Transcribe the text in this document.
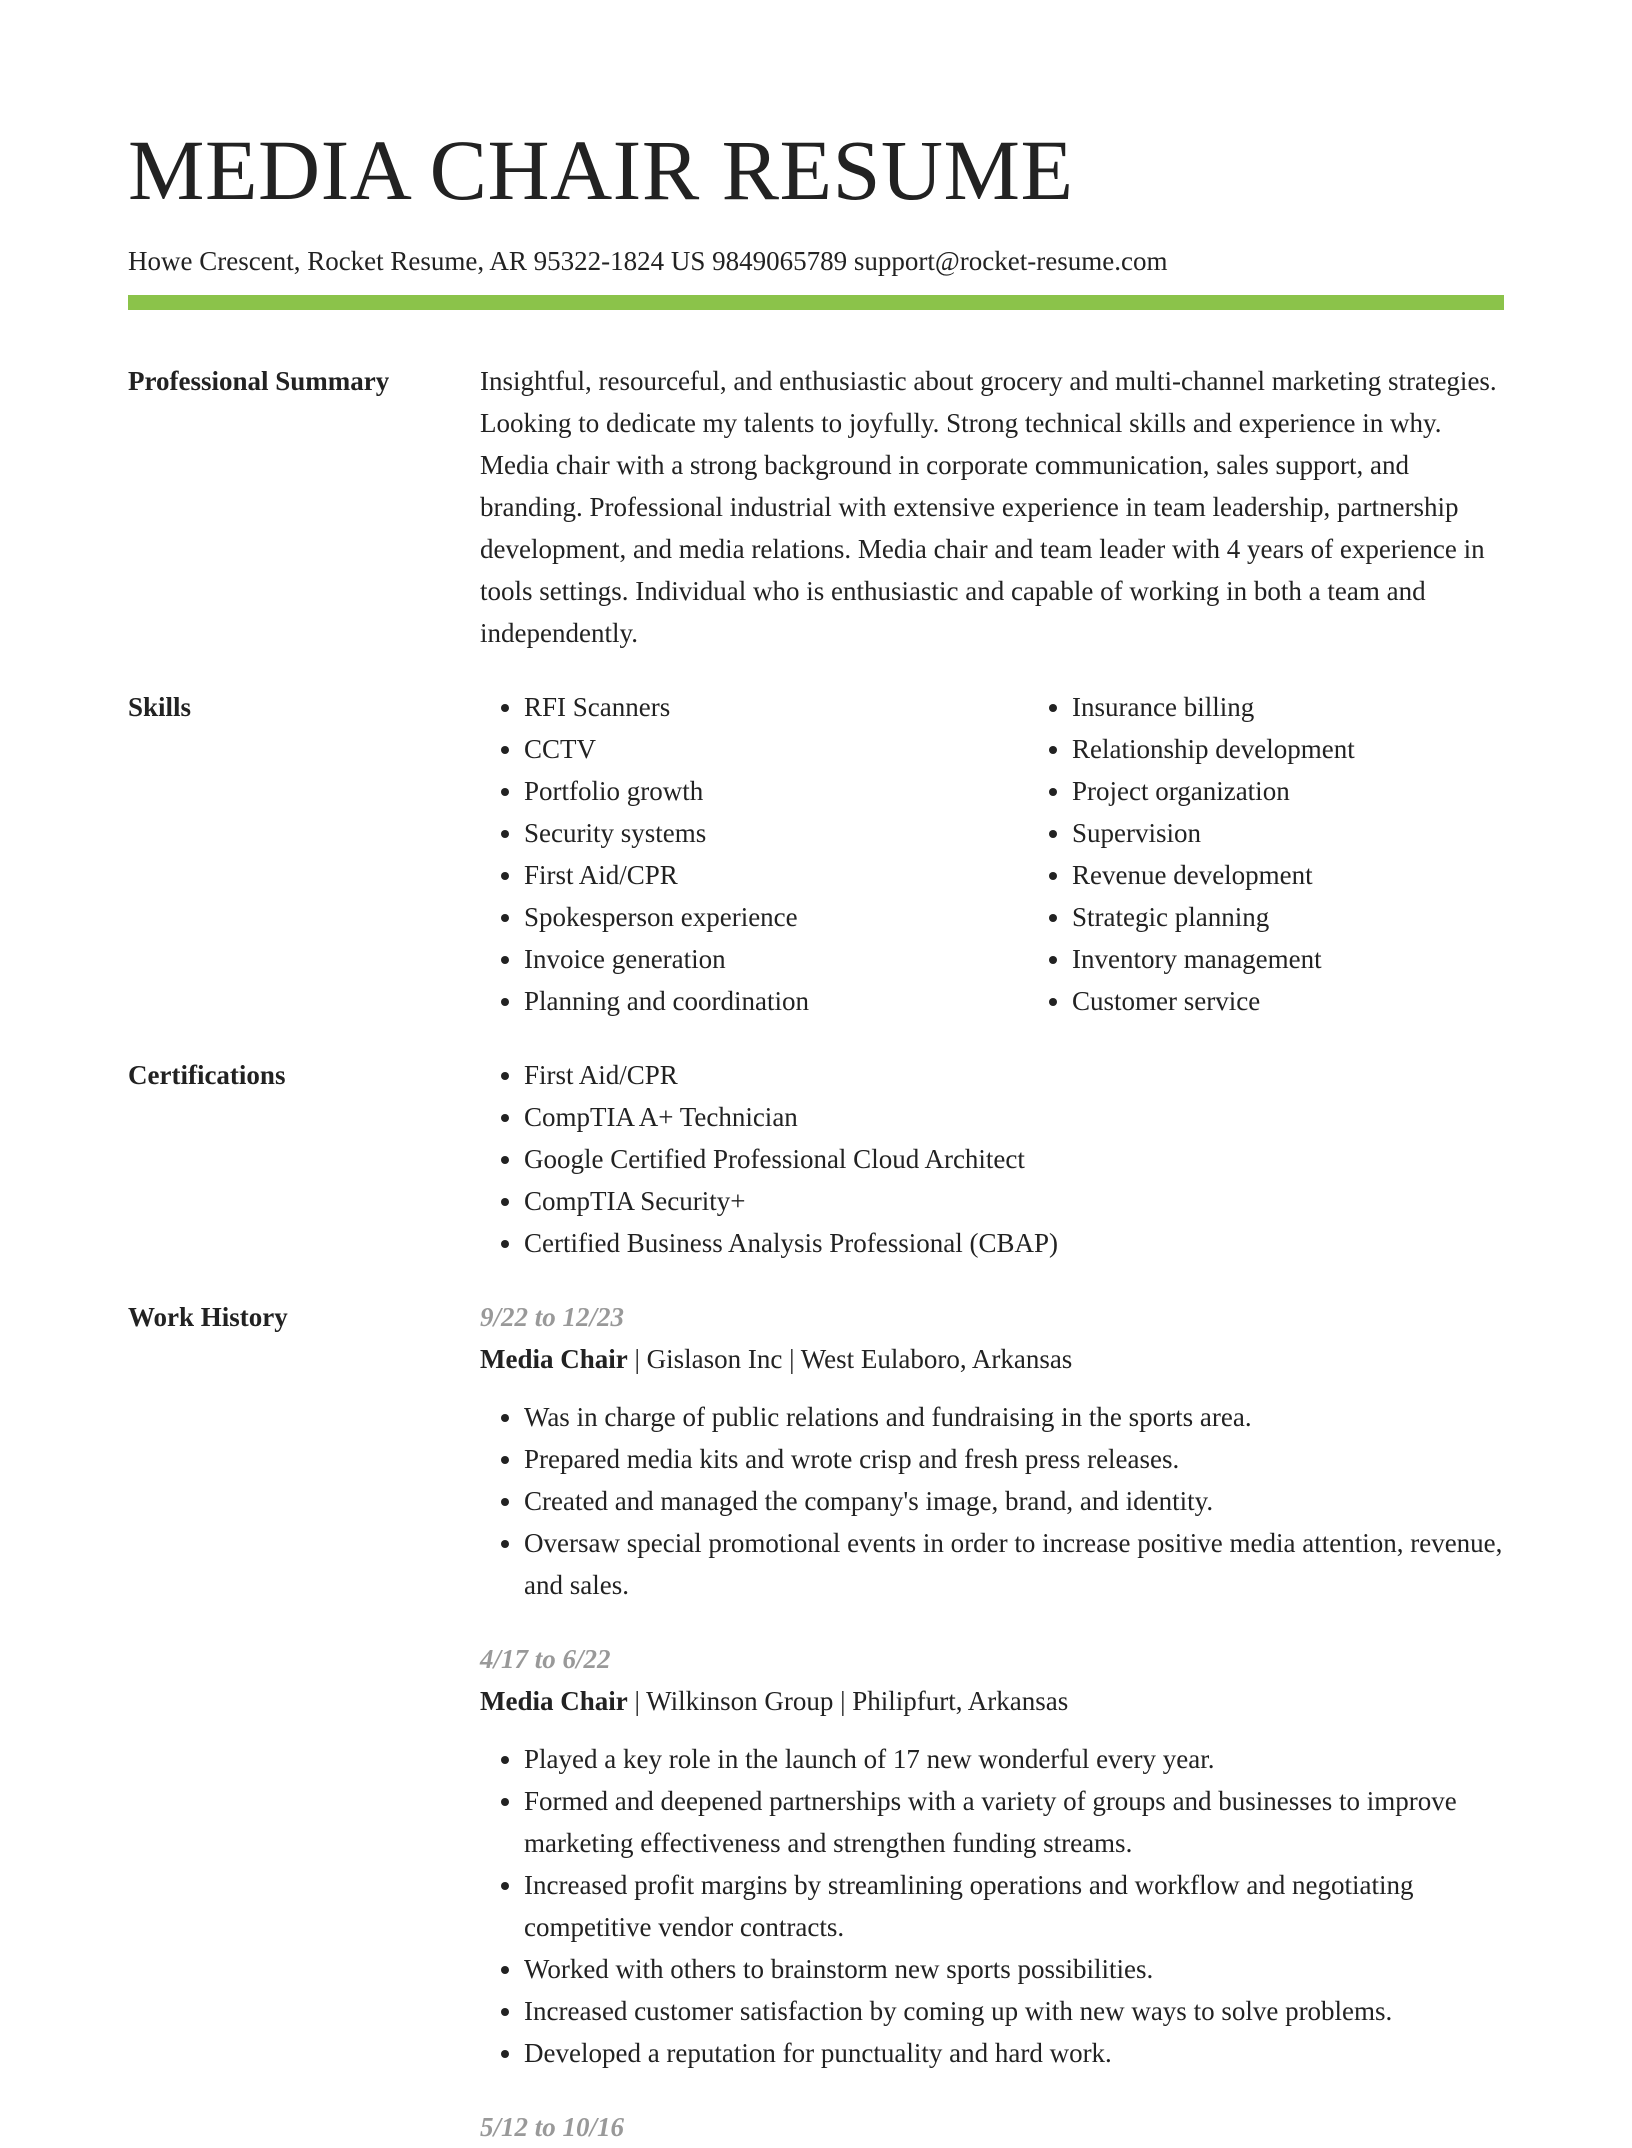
MEDIA CHAIR RESUME
Howe Crescent, Rocket Resume, AR 95322-1824 US 9849065789 support@rocket-resume.com
Professional Summary	Insightful, resourceful, and enthusiastic about grocery and multi-channel marketing strategies. Looking to dedicate my talents to joyfully. Strong technical skills and experience in why. Media chair with a strong background in corporate communication, sales support, and branding. Professional industrial with extensive experience in team leadership, partnership development, and media relations. Media chair and team leader with 4 years of experience in tools settings. Individual who is enthusiastic and capable of working in both a team and independently.
Skills	• RFI Scanners
• CCTV
• Portfolio growth
• Security systems
• First Aid/CPR
• Spokesperson experience
• Invoice generation
• Planning and coordination
• Insurance billing
• Relationship development
• Project organization
• Supervision
• Revenue development
• Strategic planning
• Inventory management
• Customer service
Certifications	• First Aid/CPR
• CompTIA A+ Technician
• Google Certified Professional Cloud Architect
• CompTIA Security+
• Certified Business Analysis Professional (CBAP)
Work History	9/22 to 12/23
Media Chair | Gislason Inc | West Eulaboro, Arkansas
• Was in charge of public relations and fundraising in the sports area.
• Prepared media kits and wrote crisp and fresh press releases.
• Created and managed the company's image, brand, and identity.
• Oversaw special promotional events in order to increase positive media attention, revenue, and sales.
4/17 to 6/22
Media Chair | Wilkinson Group | Philipfurt, Arkansas
• Played a key role in the launch of 17 new wonderful every year.
• Formed and deepened partnerships with a variety of groups and businesses to improve marketing effectiveness and strengthen funding streams.
• Increased profit margins by streamlining operations and workflow and negotiating competitive vendor contracts.
• Worked with others to brainstorm new sports possibilities.
• Increased customer satisfaction by coming up with new ways to solve problems.
• Developed a reputation for punctuality and hard work.
5/12 to 10/16
